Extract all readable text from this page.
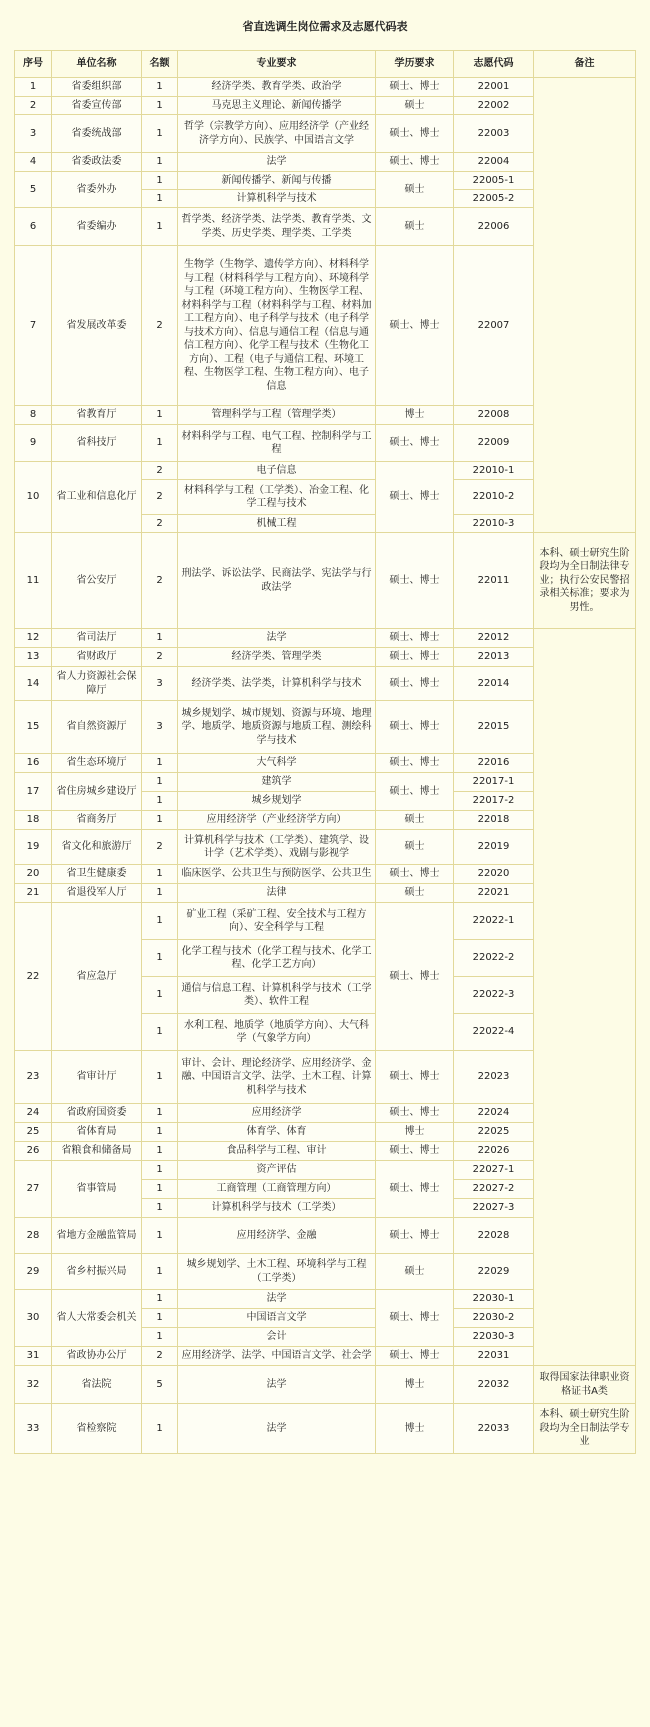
省直选调生岗位需求及志愿代码表
序号	单位名称	名额	专业要求	学历要求	志愿代码	备注
1	省委组织部	1	经济学类、教育学类、政治学	硕士、博士	22001	
2	省委宣传部	1	马克思主义理论、新闻传播学	硕士	22002	
3	省委统战部	1	哲学（宗教学方向）、应用经济学（产业经济学方向）、民族学、中国语言文学	硕士、博士	22003	
4	省委政法委	1	法学	硕士、博士	22004	
5	省委外办	1	新闻传播学、新闻与传播	硕士	22005-1	
		1	计算机科学与技术		22005-2	
6	省委编办	1	哲学类、经济学类、法学类、教育学类、文学类、历史学类、理学类、工学类	硕士	22006	
7	省发展改革委	2	生物学（生物学、遗传学方向）、材料科学与工程（材料科学与工程方向）、环境科学与工程（环境工程方向）、生物医学工程、材料科学与工程（材料科学与工程、材料加工工程方向）、电子科学与技术（电子科学与技术方向）、信息与通信工程（信息与通信工程方向）、化学工程与技术（生物化工方向）、工程（电子与通信工程、环境工程、生物医学工程、生物工程方向）、电子信息	硕士、博士	22007	
8	省教育厅	1	管理科学与工程（管理学类）	博士	22008	
9	省科技厅	1	材料科学与工程、电气工程、控制科学与工程	硕士、博士	22009	
10	省工业和信息化厅	2	电子信息	硕士、博士	22010-1	
		2	材料科学与工程（工学类）、冶金工程、化学工程与技术		22010-2	
		2	机械工程		22010-3	
11	省公安厅	2	刑法学、诉讼法学、民商法学、宪法学与行政法学	硕士、博士	22011	本科、硕士研究生阶段均为全日制法律专业；执行公安民警招录相关标准；要求为男性。
12	省司法厅	1	法学	硕士、博士	22012	
13	省财政厅	2	经济学类、管理学类	硕士、博士	22013	
14	省人力资源社会保障厅	3	经济学类、法学类，计算机科学与技术	硕士、博士	22014	
15	省自然资源厅	3	城乡规划学、城市规划、资源与环境、地理学、地质学、地质资源与地质工程、测绘科学与技术	硕士、博士	22015	
16	省生态环境厅	1	大气科学	硕士、博士	22016	
17	省住房城乡建设厅	1	建筑学	硕士、博士	22017-1	
		1	城乡规划学		22017-2	
18	省商务厅	1	应用经济学（产业经济学方向）	硕士	22018	
19	省文化和旅游厅	2	计算机科学与技术（工学类）、建筑学、设计学（艺术学类）、戏剧与影视学	硕士	22019	
20	省卫生健康委	1	临床医学、公共卫生与预防医学、公共卫生	硕士、博士	22020	
21	省退役军人厅	1	法律	硕士	22021	
22	省应急厅	1	矿业工程（采矿工程、安全技术与工程方向）、安全科学与工程	硕士、博士	22022-1	
		1	化学工程与技术（化学工程与技术、化学工程、化学工艺方向）		22022-2	
		1	通信与信息工程、计算机科学与技术（工学类）、软件工程		22022-3	
		1	水利工程、地质学（地质学方向）、大气科学（气象学方向）		22022-4	
23	省审计厅	1	审计、会计、理论经济学、应用经济学、金融、中国语言文学、法学、土木工程、计算机科学与技术	硕士、博士	22023	
24	省政府国资委	1	应用经济学	硕士、博士	22024	
25	省体育局	1	体育学、体育	博士	22025	
26	省粮食和储备局	1	食品科学与工程、审计	硕士、博士	22026	
27	省事管局	1	资产评估	硕士、博士	22027-1	
		1	工商管理（工商管理方向）		22027-2	
		1	计算机科学与技术（工学类）		22027-3	
28	省地方金融监管局	1	应用经济学、金融	硕士、博士	22028	
29	省乡村振兴局	1	城乡规划学、土木工程、环境科学与工程（工学类）	硕士	22029	
30	省人大常委会机关	1	法学	硕士、博士	22030-1	
		1	中国语言文学		22030-2	
		1	会计		22030-3	
31	省政协办公厅	2	应用经济学、法学、中国语言文学、社会学	硕士、博士	22031	
32	省法院	5	法学	博士	22032	取得国家法律职业资格证书A类
33	省检察院	1	法学	博士	22033	本科、硕士研究生阶段均为全日制法学专业
